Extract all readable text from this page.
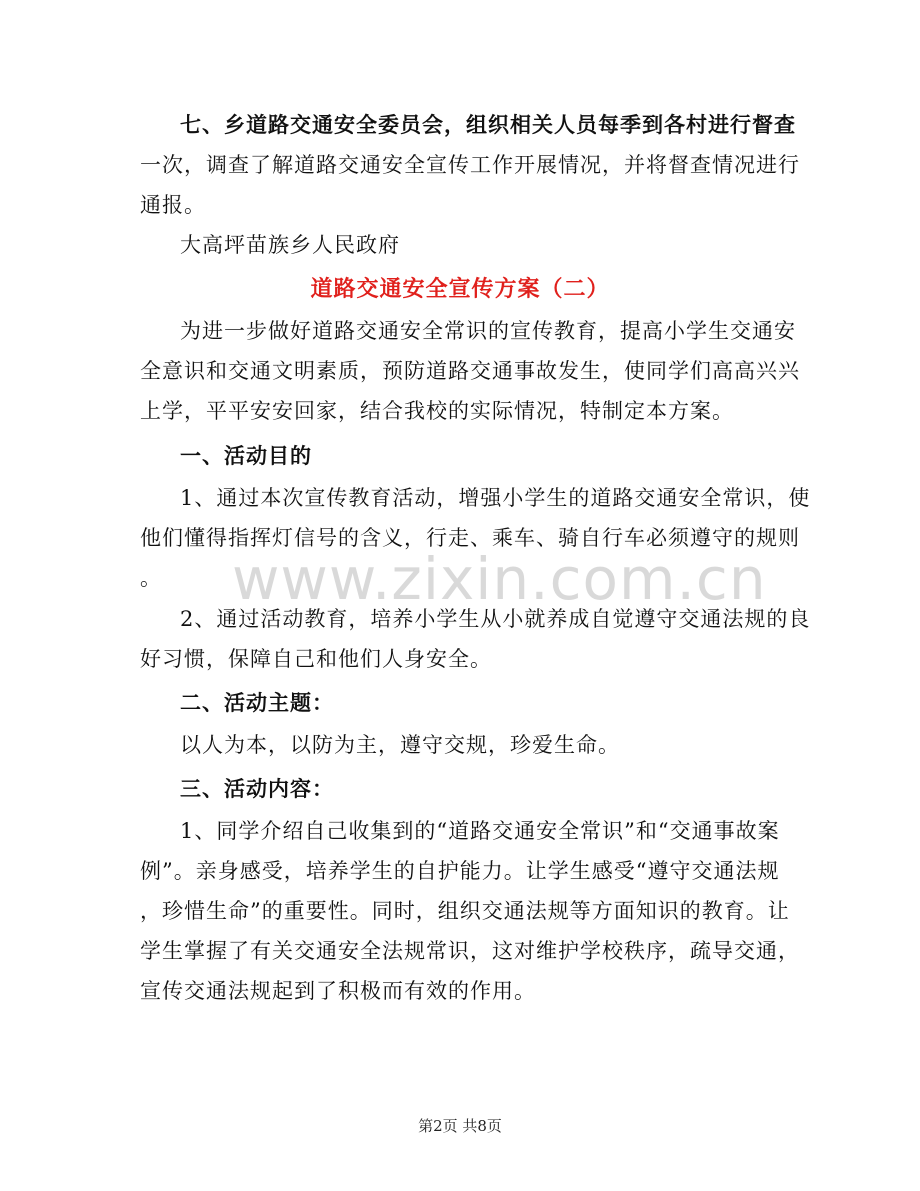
七、乡道路交通安全委员会，组织相关人员每季到各村进行督查
一次，调查了解道路交通安全宣传工作开展情况，并将督查情况进行
通报。
大高坪苗族乡人民政府
道路交通安全宣传方案（二）
为进一步做好道路交通安全常识的宣传教育，提高小学生交通安
全意识和交通文明素质，预防道路交通事故发生，使同学们高高兴兴
上学，平平安安回家，结合我校的实际情况，特制定本方案。
一、活动目的
1、通过本次宣传教育活动，增强小学生的道路交通安全常识，使
他们懂得指挥灯信号的含义，行走、乘车、骑自行车必须遵守的规则
。
2、通过活动教育，培养小学生从小就养成自觉遵守交通法规的良
好习惯，保障自己和他们人身安全。
二、活动主题：
以人为本，以防为主，遵守交规，珍爱生命。
三、活动内容：
1、同学介绍自己收集到的“道路交通安全常识”和“交通事故案
例”。亲身感受，培养学生的自护能力。让学生感受“遵守交通法规
，珍惜生命”的重要性。同时，组织交通法规等方面知识的教育。让
学生掌握了有关交通安全法规常识，这对维护学校秩序，疏导交通，
宣传交通法规起到了积极而有效的作用。
www.zixin.com.cn
第2页 共8页
